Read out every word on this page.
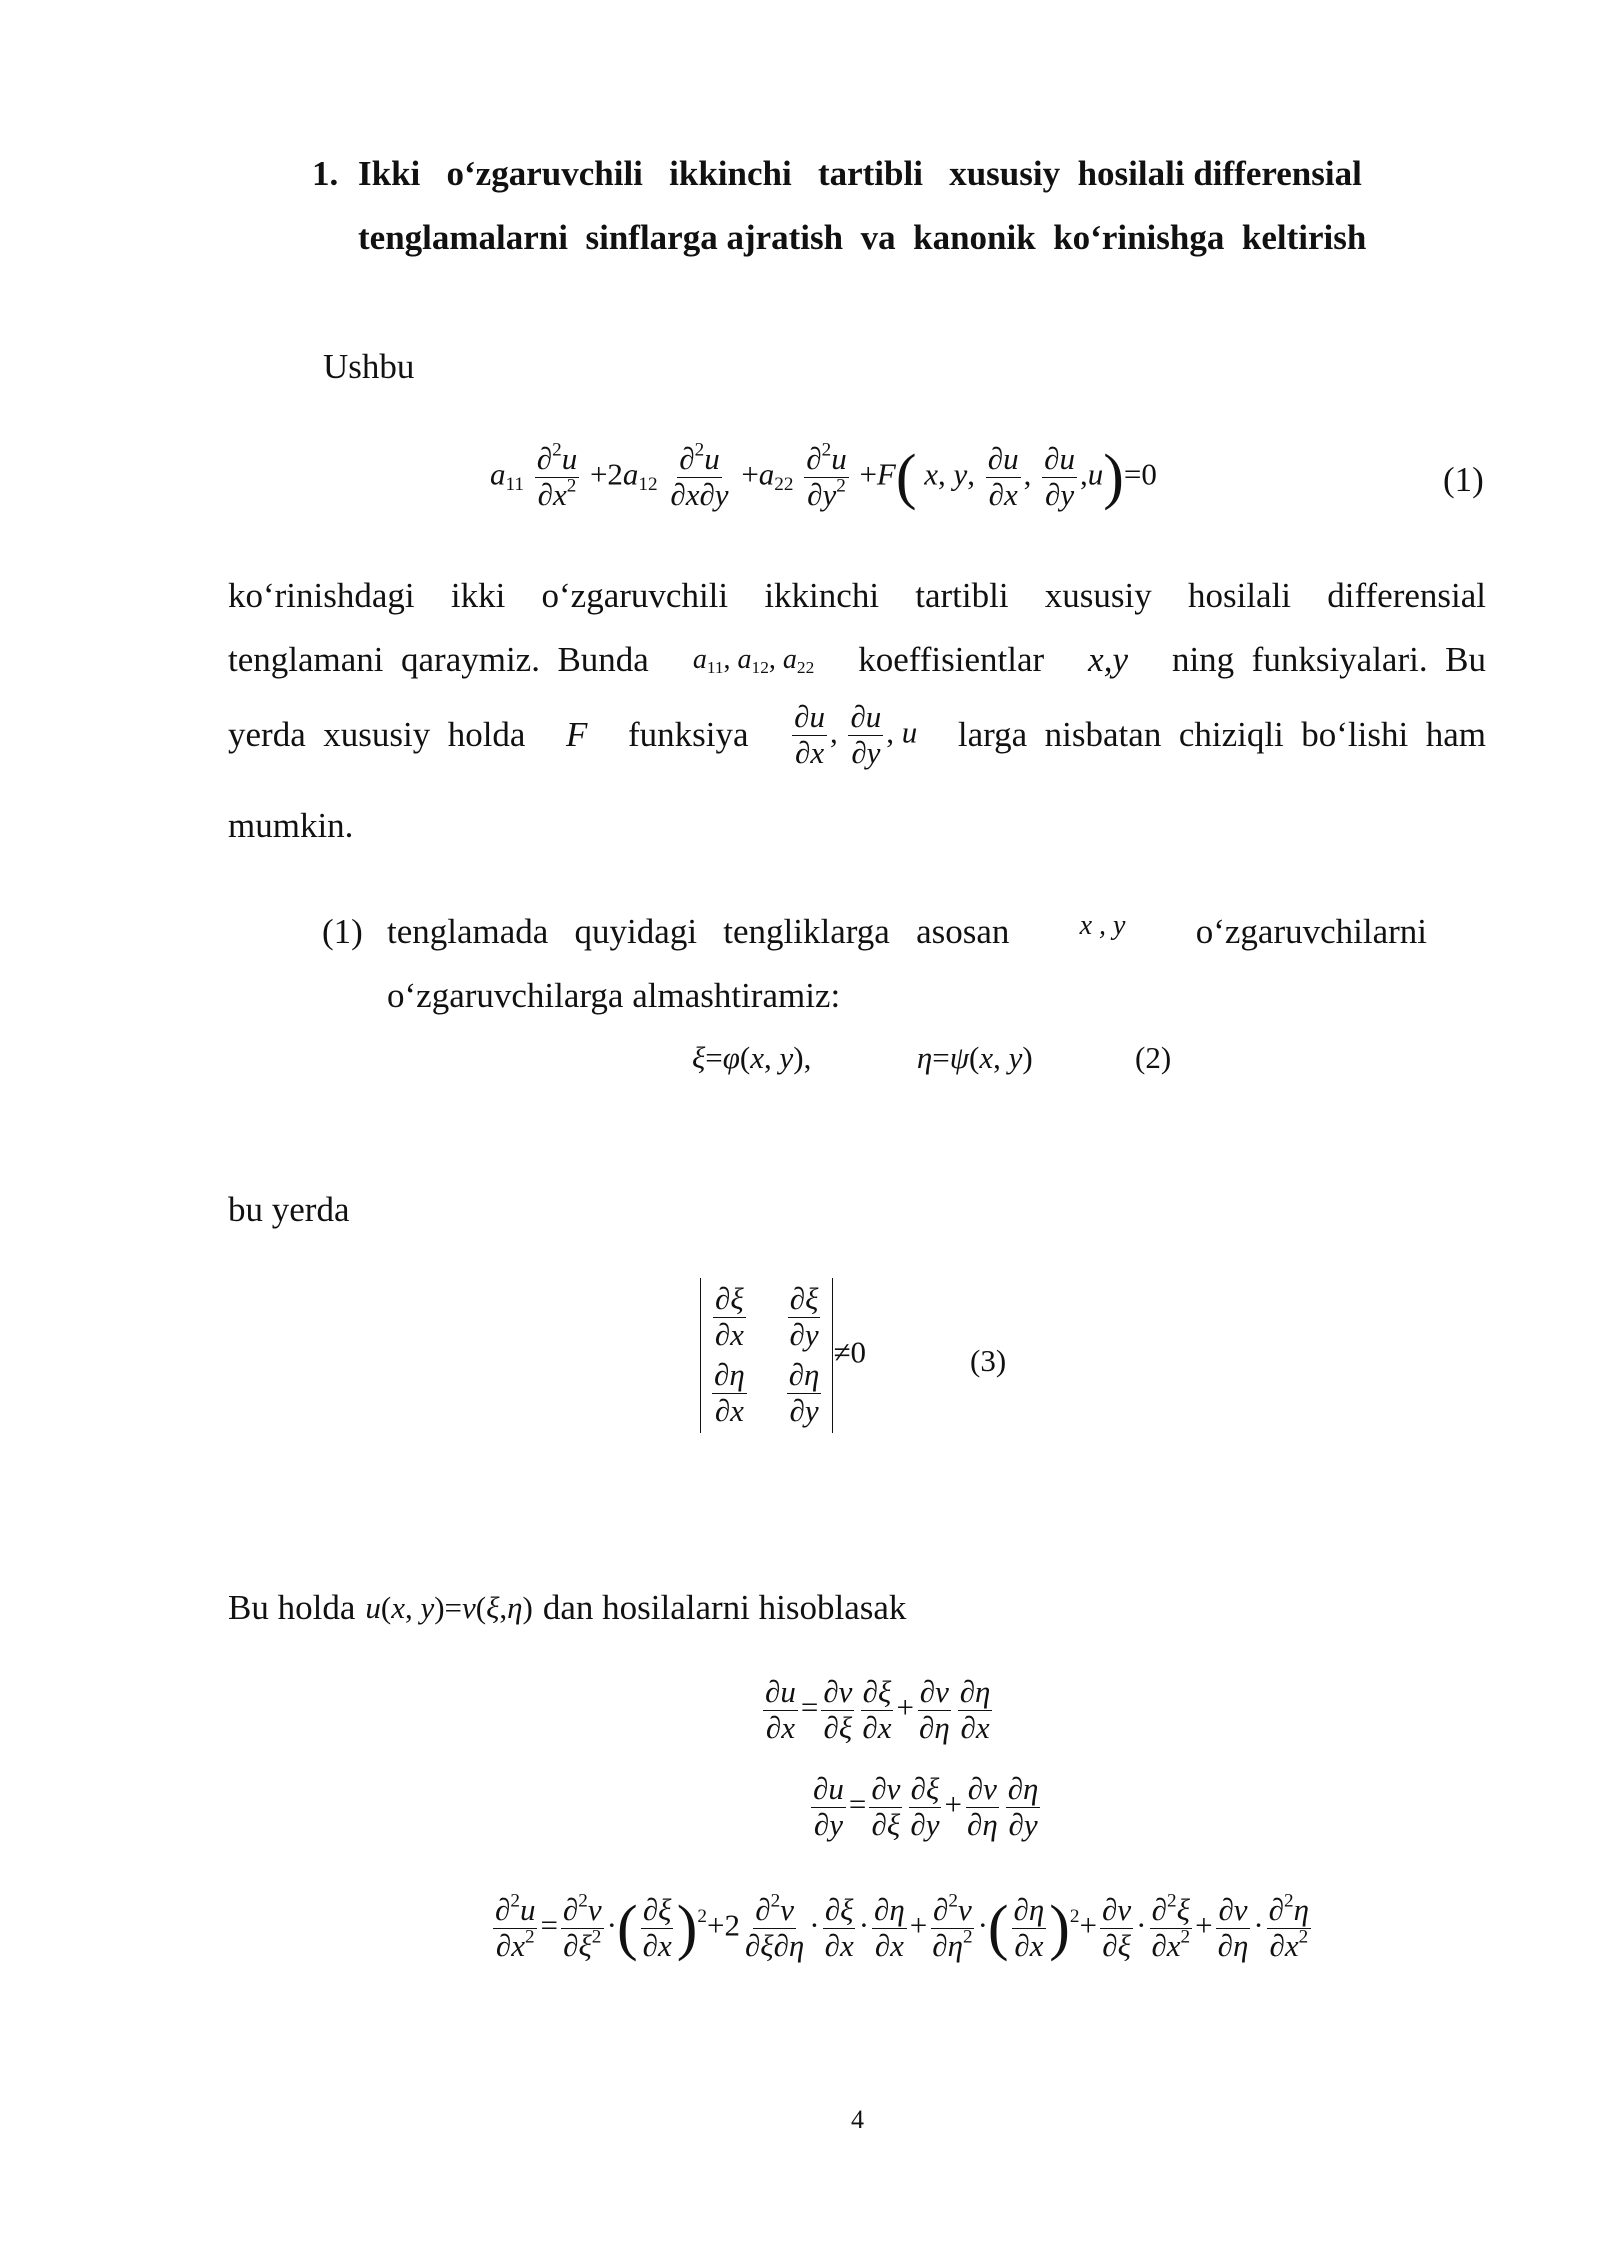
1. Ikki   o‘zgaruvchili   ikkinchi   tartibli   xususiy  hosilali differensial
tenglamalarni  sinflarga ajratish  va  kanonik  ko‘rinishga  keltirish
Ushbu
$a_{11} \frac{\partial^2u}{\partial x^2} +2a_{12} \frac{\partial^2u}{\partial x\partial y} +a_{22} \frac{\partial^2u}{\partial y^2} +F$( x, y, $\frac{\partial u}{\partial x}$ , $\frac{\partial u}{\partial y} ,u)=0$	(1)
ko‘rinishdagi ikki o‘zgaruvchili ikkinchi tartibli xususiy hosilali differensial
tenglamani  qaraymiz.  Bunda $a_{11}$, $a_{12}$, $a_{22}$ koeffisientlar x,y ning  funksiyalari.  Bu
yerda  xususiy  holda F funksiya $\frac{\partial u}{\partial x}$ , $\frac{\partial u}{\partial y}$ , u larga  nisbatan  chiziqli  bo‘lishi  ham
mumkin.
(1) tenglamada   quyidagi   tengliklarga   asosan	x , y o‘zgaruvchilarni
o‘zgaruvchilarga almashtiramiz:
ξ=φ(x, y),	η=ψ(x, y)	(2)
bu yerda
$\frac{\partial\xi}{\partial x} \frac{\partial\xi}{\partial y}$
$\frac{\partial\eta}{\partial x} \frac{\partial\eta}{\partial y}$
≠0	(3)
Bu holda u(x, y)=v(ξ,η) dan hosilalarni hisoblasak
$\frac{\partial u}{\partial x} = \frac{\partial v}{\partial\xi} \frac{\partial\xi}{\partial x} + \frac{\partial v}{\partial\eta} \frac{\partial\eta}{\partial x}$
$\frac{\partial u}{\partial y} = \frac{\partial v}{\partial\xi} \frac{\partial\xi}{\partial y} + \frac{\partial v}{\partial\eta} \frac{\partial\eta}{\partial y}$
$\frac{\partial^2u}{\partial x^2} = \frac{\partial^2v}{\partial\xi^2}$ ·( $\frac{\partial\xi}{\partial x} )^2+2 \frac{\partial^2v}{\partial\xi\partial\eta} \cdot \frac{\partial\xi}{\partial x} \cdot \frac{\partial\eta}{\partial x} + \frac{\partial^2v}{\partial\eta^2}$ ·( $\frac{\partial\eta}{\partial x} )^2+ \frac{\partial v}{\partial\xi} \cdot \frac{\partial^2\xi}{\partial x^2} + \frac{\partial v}{\partial\eta} \cdot \frac{\partial^2\eta}{\partial x^2}$
4
